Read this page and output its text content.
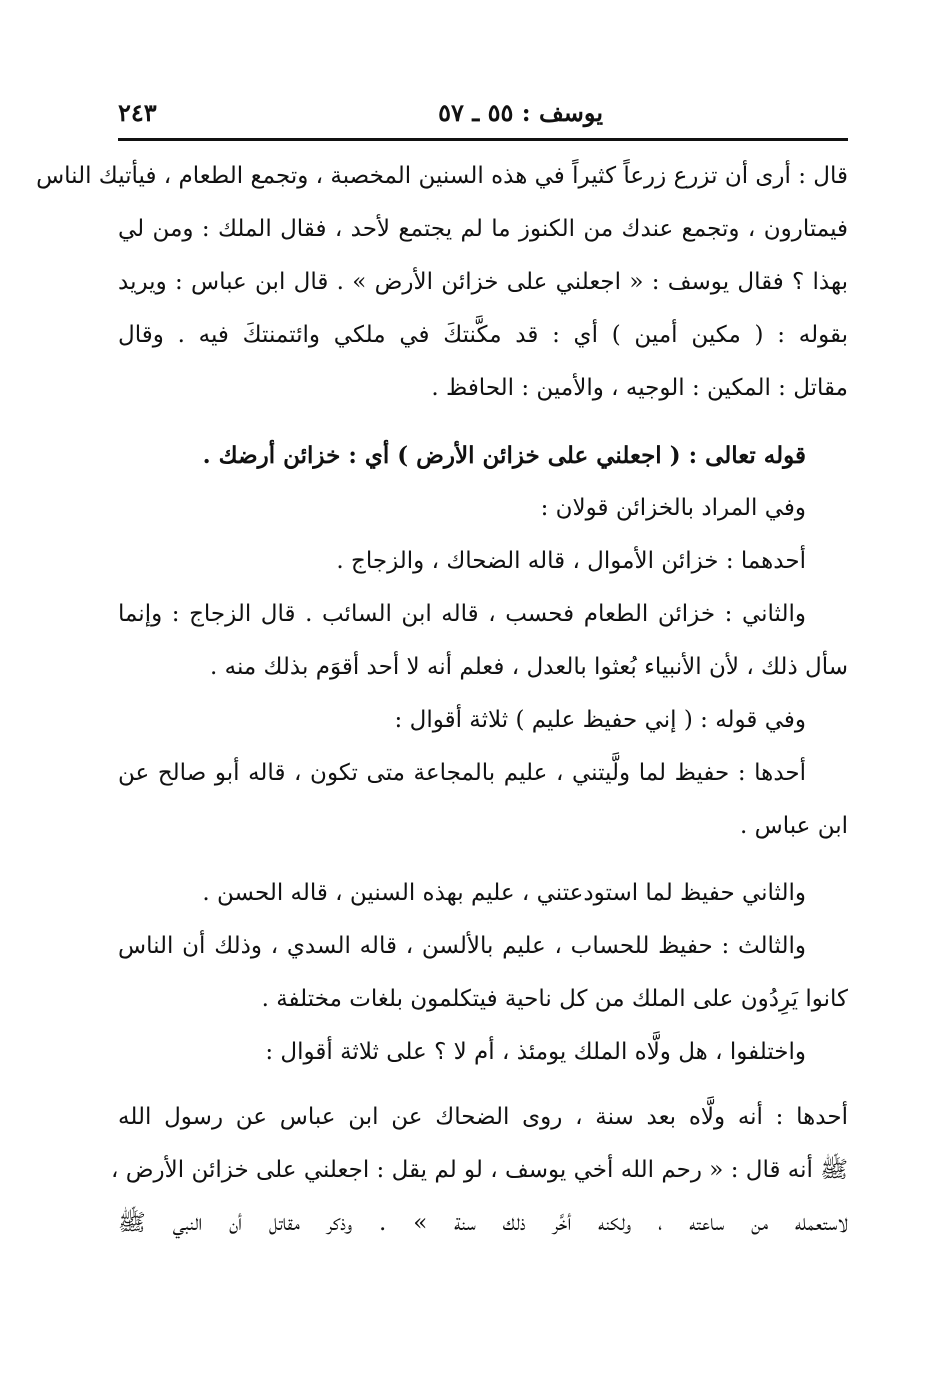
يوسف : ٥٥ ـ ٥٧
٢٤٣
قال : أرى أن تزرع زرعاً كثيراً في هذه السنين المخصبة ، وتجمع الطعام ، فيأتيك الناس
فيمتارون ، وتجمع عندك من الكنوز ما لم يجتمع لأحد ، فقال الملك : ومن لي
بهذا ؟ فقال يوسف : « اجعلني على خزائن الأرض » . قال ابن عباس : ويريد
بقوله : ( مكين أمين ) أي : قد مكَّنتكَ في ملكي وائتمنتكَ فيه . وقال
مقاتل : المكين : الوجيه ، والأمين : الحافظ .
قوله تعالى : ( اجعلني على خزائن الأرض ) أي : خزائن أرضك .
وفي المراد بالخزائن قولان :
أحدهما : خزائن الأموال ، قاله الضحاك ، والزجاج .
والثاني : خزائن الطعام فحسب ، قاله ابن السائب . قال الزجاج : وإنما
سأل ذلك ، لأن الأنبياء بُعثوا بالعدل ، فعلم أنه لا أحد أقوَم بذلك منه .
وفي قوله : ( إني حفيظ عليم ) ثلاثة أقوال :
أحدها : حفيظ لما ولَّيتني ، عليم بالمجاعة متى تكون ، قاله أبو صالح عن
ابن عباس .
والثاني حفيظ لما استودعتني ، عليم بهذه السنين ، قاله الحسن .
والثالث : حفيظ للحساب ، عليم بالألسن ، قاله السدي ، وذلك أن الناس
كانوا يَرِدُون على الملك من كل ناحية فيتكلمون بلغات مختلفة .
واختلفوا ، هل ولَّاه الملك يومئذ ، أم لا ؟ على ثلاثة أقوال :
أحدها : أنه ولَّاه بعد سنة ، روى الضحاك عن ابن عباس عن رسول الله
ﷺ أنه قال : « رحم الله أخي يوسف ، لو لم يقل : اجعلني على خزائن الأرض ،
لاستعمله من ساعته ، ولكنه أخَّر ذلك سنة » . وذكر مقاتل أن النبي ﷺ
